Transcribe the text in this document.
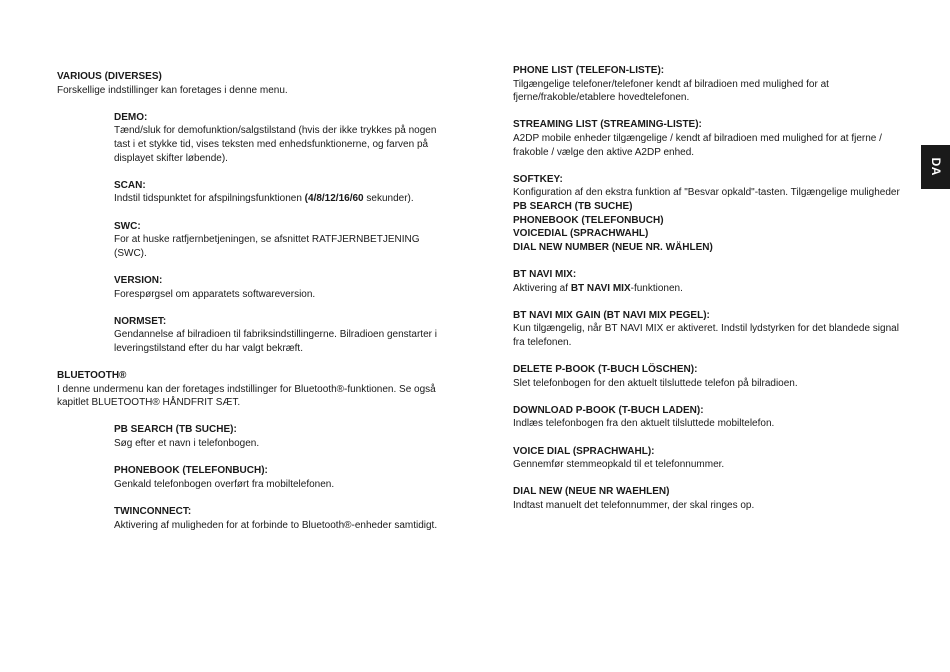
VARIOUS (DIVERSES)
Forskellige indstillinger kan foretages i denne menu.
DEMO:
Tænd/sluk for demofunktion/salgstilstand (hvis der ikke trykkes på nogen tast i et stykke tid, vises teksten med enhedsfunktionerne, og farven på displayet skifter løbende).
SCAN:
Indstil tidspunktet for afspilningsfunktionen (4/8/12/16/60 sekunder).
SWC:
For at huske ratfjernbetjeningen, se afsnittet RATFJERNBETJENING (SWC).
VERSION:
Forespørgsel om apparatets softwareversion.
NORMSET:
Gendannelse af bilradioen til fabriksindstillingerne. Bilradioen genstarter i leveringstilstand efter du har valgt bekræft.
BLUETOOTH®
I denne undermenu kan der foretages indstillinger for Bluetooth®-funktionen. Se også kapitlet BLUETOOTH® HÅNDFRIT SÆT.
PB SEARCH (TB SUCHE):
Søg efter et navn i telefonbogen.
PHONEBOOK (TELEFONBUCH):
Genkald telefonbogen overført fra mobiltelefonen.
TWINCONNECT:
Aktivering af muligheden for at forbinde to Bluetooth®-enheder samtidigt.
PHONE LIST (TELEFON-LISTE):
Tilgængelige telefoner/telefoner kendt af bilradioen med mulighed for at fjerne/frakoble/etablere hovedtelefonen.
STREAMING LIST (STREAMING-LISTE):
A2DP mobile enheder tilgængelige / kendt af bilradioen med mulighed for at fjerne / frakoble / vælge den aktive A2DP enhed.
SOFTKEY:
Konfiguration af den ekstra funktion af "Besvar opkald"-tasten. Tilgængelige muligheder
PB SEARCH (TB SUCHE)
PHONEBOOK (TELEFONBUCH)
VOICEDIAL (SPRACHWAHL)
DIAL NEW NUMBER (NEUE NR. WÄHLEN)
BT NAVI MIX:
Aktivering af BT NAVI MIX-funktionen.
BT NAVI MIX GAIN (BT NAVI MIX PEGEL):
Kun tilgængelig, når BT NAVI MIX er aktiveret. Indstil lydstyrken for det blandede signal fra telefonen.
DELETE P-BOOK (T-BUCH LÖSCHEN):
Slet telefonbogen for den aktuelt tilsluttede telefon på bilradioen.
DOWNLOAD P-BOOK (T-BUCH LADEN):
Indlæs telefonbogen fra den aktuelt tilsluttede mobiltelefon.
VOICE DIAL (SPRACHWAHL):
Gennemfør stemmeopkald til et telefonnummer.
DIAL NEW (NEUE NR WAEHLEN)
Indtast manuelt det telefonnummer, der skal ringes op.
DA
